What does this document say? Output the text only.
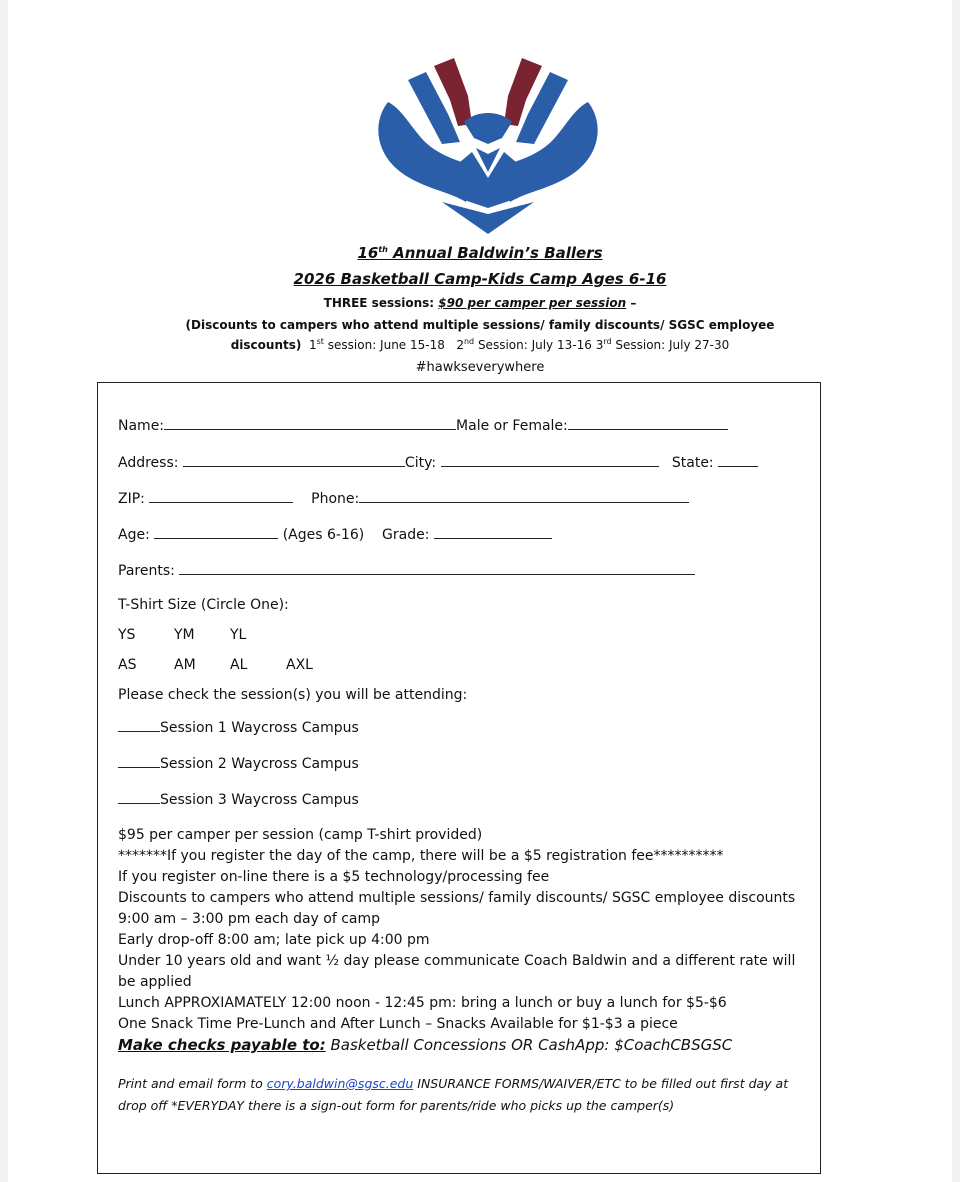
16th Annual Baldwin’s Ballers
2026 Basketball Camp-Kids Camp Ages 6-16
THREE sessions: $90 per camper per session –
(Discounts to campers who attend multiple sessions/ family discounts/ SGSC employee
discounts) 1st session: June 15-18 2nd Session: July 13-16 3rd Session: July 27-30
#hawkseverywhere
Name:	Male or Female:
Address:	City:	State:
ZIP:	Phone:
Age:	(Ages 6-16) Grade:
Parents:
T-Shirt Size (Circle One):
YS	YM	YL
AS	AM AL	AXL
Please check the session(s) you will be attending:
Session 1 Waycross Campus
Session 2 Waycross Campus
Session 3 Waycross Campus
$95 per camper per session (camp T-shirt provided)
*******If you register the day of the camp, there will be a $5 registration fee**********
If you register on-line there is a $5 technology/processing fee
Discounts to campers who attend multiple sessions/ family discounts/ SGSC employee discounts
9:00 am – 3:00 pm each day of camp
Early drop-off 8:00 am; late pick up 4:00 pm
Under 10 years old and want ½ day please communicate Coach Baldwin and a different rate will be applied
Lunch APPROXIAMATELY 12:00 noon - 12:45 pm: bring a lunch or buy a lunch for $5-$6
One Snack Time Pre-Lunch and After Lunch – Snacks Available for $1-$3 a piece
Make checks payable to: Basketball Concessions OR CashApp: $CoachCBSGSC
Print and email form to cory.baldwin@sgsc.edu INSURANCE FORMS/WAIVER/ETC to be filled out first day at drop off *EVERYDAY there is a sign-out form for parents/ride who picks up the camper(s)
